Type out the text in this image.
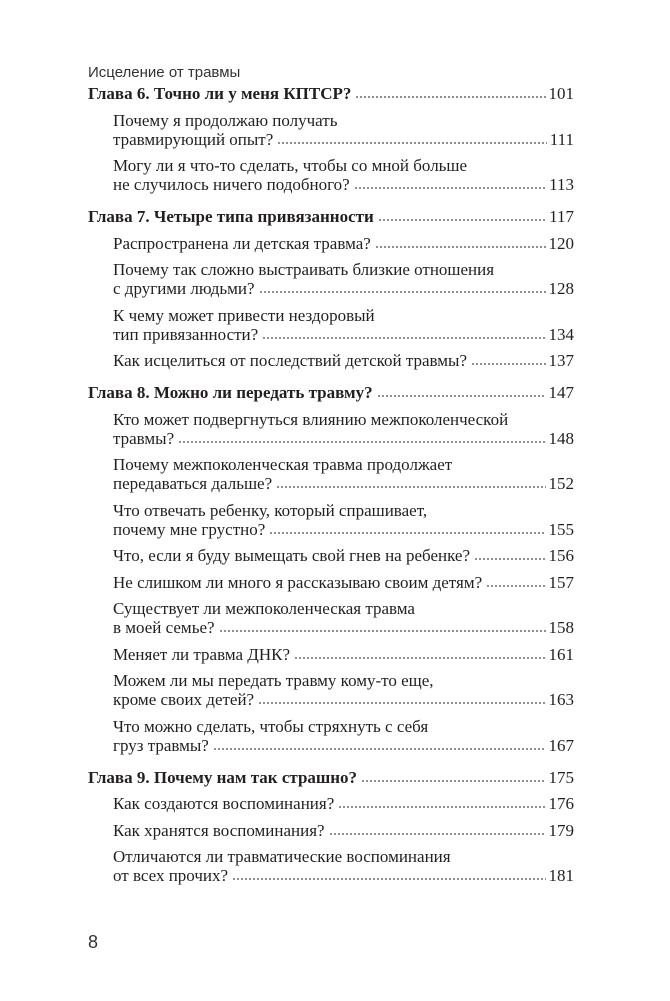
Исцеление от травмы
Глава 6. Точно ли у меня КПТСР?	101
Почему я продолжаю получать
травмирующий опыт?	111
Могу ли я что-то сделать, чтобы со мной больше
не случилось ничего подобного?	113
Глава 7. Четыре типа привязанности	117
Распространена ли детская травма?	120
Почему так сложно выстраивать близкие отношения
с другими людьми?	128
К чему может привести нездоровый
тип привязанности?	134
Как исцелиться от последствий детской травмы?	137
Глава 8. Можно ли передать травму?	147
Кто может подвергнуться влиянию межпоколенческой
травмы?	148
Почему межпоколенческая травма продолжает
передаваться дальше?	152
Что отвечать ребенку, который спрашивает,
почему мне грустно?	155
Что, если я буду вымещать свой гнев на ребенке?	156
Не слишком ли много я рассказываю своим детям?	157
Существует ли межпоколенческая травма
в моей семье?	158
Меняет ли травма ДНК?	161
Можем ли мы передать травму кому-то еще,
кроме своих детей?	163
Что можно сделать, чтобы стряхнуть с себя
груз травмы?	167
Глава 9. Почему нам так страшно?	175
Как создаются воспоминания?	176
Как хранятся воспоминания?	179
Отличаются ли травматические воспоминания
от всех прочих?	181
8
